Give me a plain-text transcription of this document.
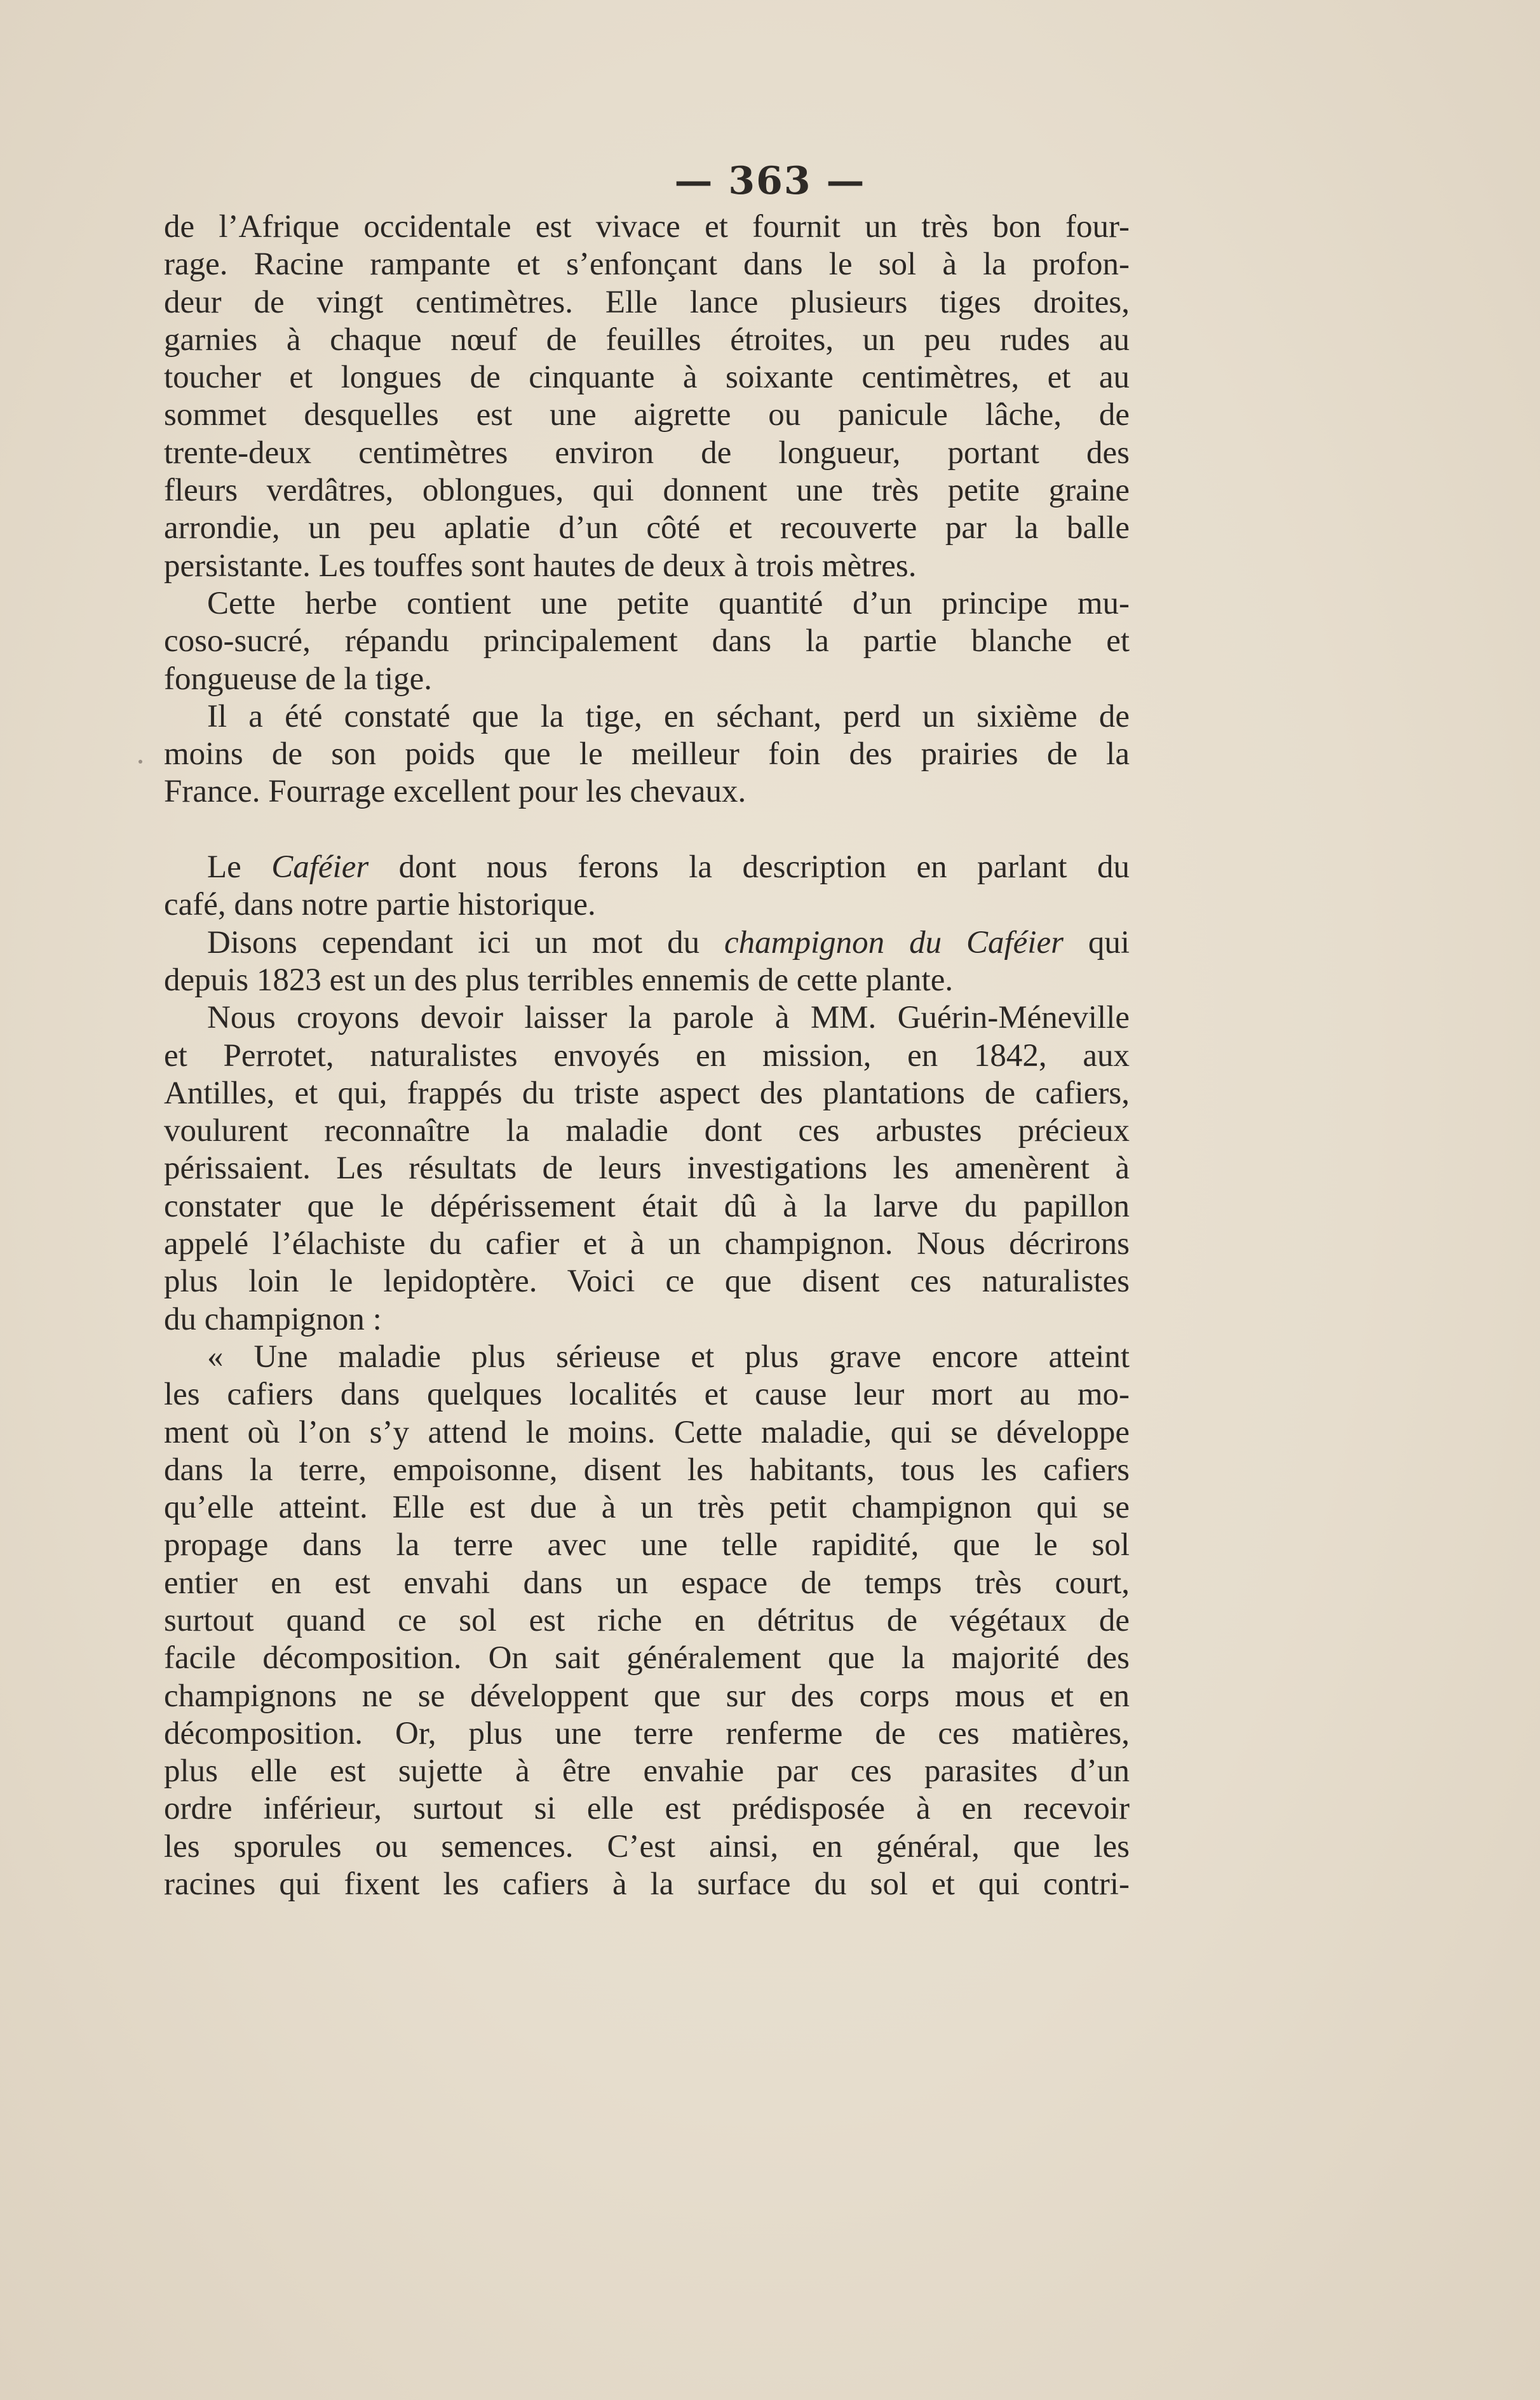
— 363 —
de l’Afrique occidentale est vivace et fournit un très bon four-
rage. Racine rampante et s’enfonçant dans le sol à la profon-
deur de vingt centimètres. Elle lance plusieurs tiges droites,
garnies à chaque nœuf de feuilles étroites, un peu rudes au
toucher et longues de cinquante à soixante centimètres, et au
sommet desquelles est une aigrette ou panicule lâche, de
trente-deux centimètres environ de longueur, portant des
fleurs verdâtres, oblongues, qui donnent une très petite graine
arrondie, un peu aplatie d’un côté et recouverte par la balle
persistante. Les touffes sont hautes de deux à trois mètres.
Cette herbe contient une petite quantité d’un principe mu-
coso-sucré, répandu principalement dans la partie blanche et
fongueuse de la tige.
Il a été constaté que la tige, en séchant, perd un sixième de
moins de son poids que le meilleur foin des prairies de la
France. Fourrage excellent pour les chevaux.
Le Caféier dont nous ferons la description en parlant du
café, dans notre partie historique.
Disons cependant ici un mot du champignon du Caféier qui
depuis 1823 est un des plus terribles ennemis de cette plante.
Nous croyons devoir laisser la parole à MM. Guérin-Méneville
et Perrotet, naturalistes envoyés en mission, en 1842, aux
Antilles, et qui, frappés du triste aspect des plantations de cafiers,
voulurent reconnaître la maladie dont ces arbustes précieux
périssaient. Les résultats de leurs investigations les amenèrent à
constater que le dépérissement était dû à la larve du papillon
appelé l’élachiste du cafier et à un champignon. Nous décrirons
plus loin le lepidoptère. Voici ce que disent ces naturalistes
du champignon :
« Une maladie plus sérieuse et plus grave encore atteint
les cafiers dans quelques localités et cause leur mort au mo-
ment où l’on s’y attend le moins. Cette maladie, qui se développe
dans la terre, empoisonne, disent les habitants, tous les cafiers
qu’elle atteint. Elle est due à un très petit champignon qui se
propage dans la terre avec une telle rapidité, que le sol
entier en est envahi dans un espace de temps très court,
surtout quand ce sol est riche en détritus de végétaux de
facile décomposition. On sait généralement que la majorité des
champignons ne se développent que sur des corps mous et en
décomposition. Or, plus une terre renferme de ces matières,
plus elle est sujette à être envahie par ces parasites d’un
ordre inférieur, surtout si elle est prédisposée à en recevoir
les sporules ou semences. C’est ainsi, en général, que les
racines qui fixent les cafiers à la surface du sol et qui contri-
